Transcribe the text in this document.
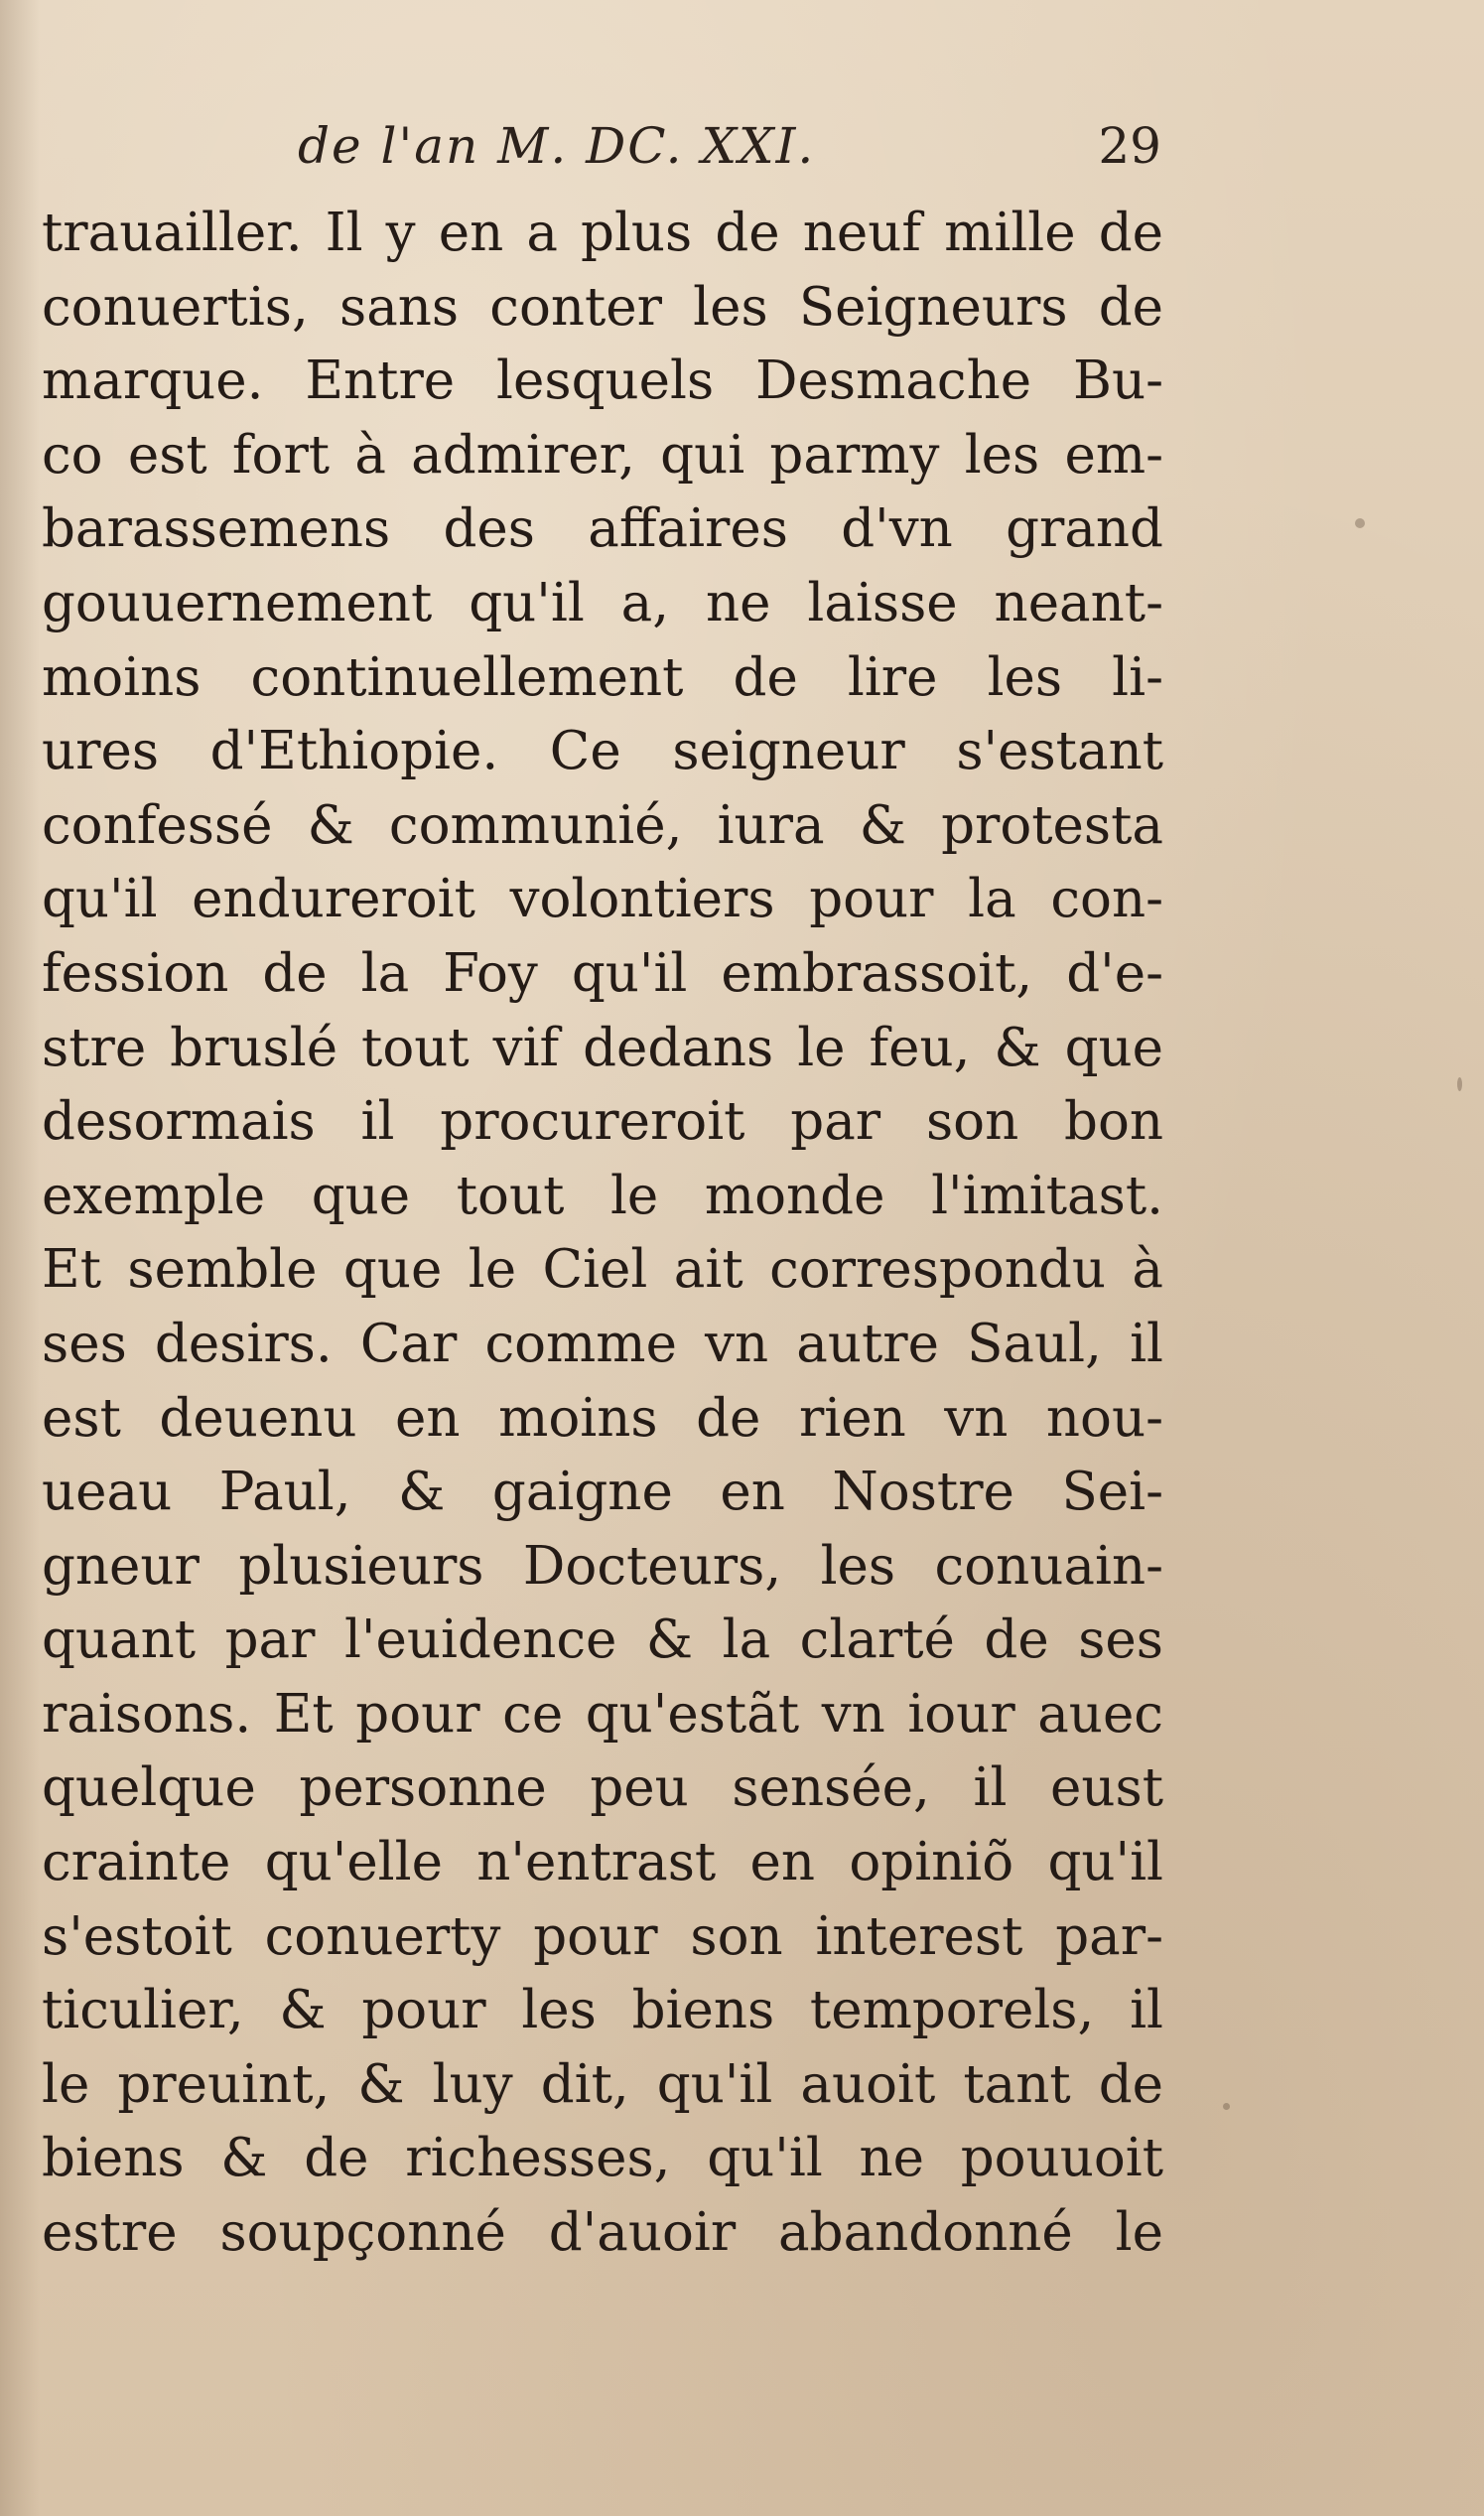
de l'an M. DC. XXI.	29
trauailler. Il y en a plus de neuf mille de
conuertis, sans conter les Seigneurs de
marque. Entre lesquels Desmache Bu-
co est fort à admirer, qui parmy les em-
barassemens des affaires d'vn grand
gouuernement qu'il a, ne laisse neant-
moins continuellement de lire les li-
ures d'Ethiopie. Ce seigneur s'estant
confessé & communié, iura & protesta
qu'il endureroit volontiers pour la con-
fession de la Foy qu'il embrassoit, d'e-
stre bruslé tout vif dedans le feu, & que
desormais il procureroit par son bon
exemple que tout le monde l'imitast.
Et semble que le Ciel ait correspondu à
ses desirs. Car comme vn autre Saul, il
est deuenu en moins de rien vn nou-
ueau Paul, & gaigne en Nostre Sei-
gneur plusieurs Docteurs, les conuain-
quant par l'euidence & la clarté de ses
raisons. Et pour ce qu'estãt vn iour auec
quelque personne peu sensée, il eust
crainte qu'elle n'entrast en opiniõ qu'il
s'estoit conuerty pour son interest par-
ticulier, & pour les biens temporels, il
le preuint, & luy dit, qu'il auoit tant de
biens & de richesses, qu'il ne pouuoit
estre soupçonné d'auoir abandonné le
